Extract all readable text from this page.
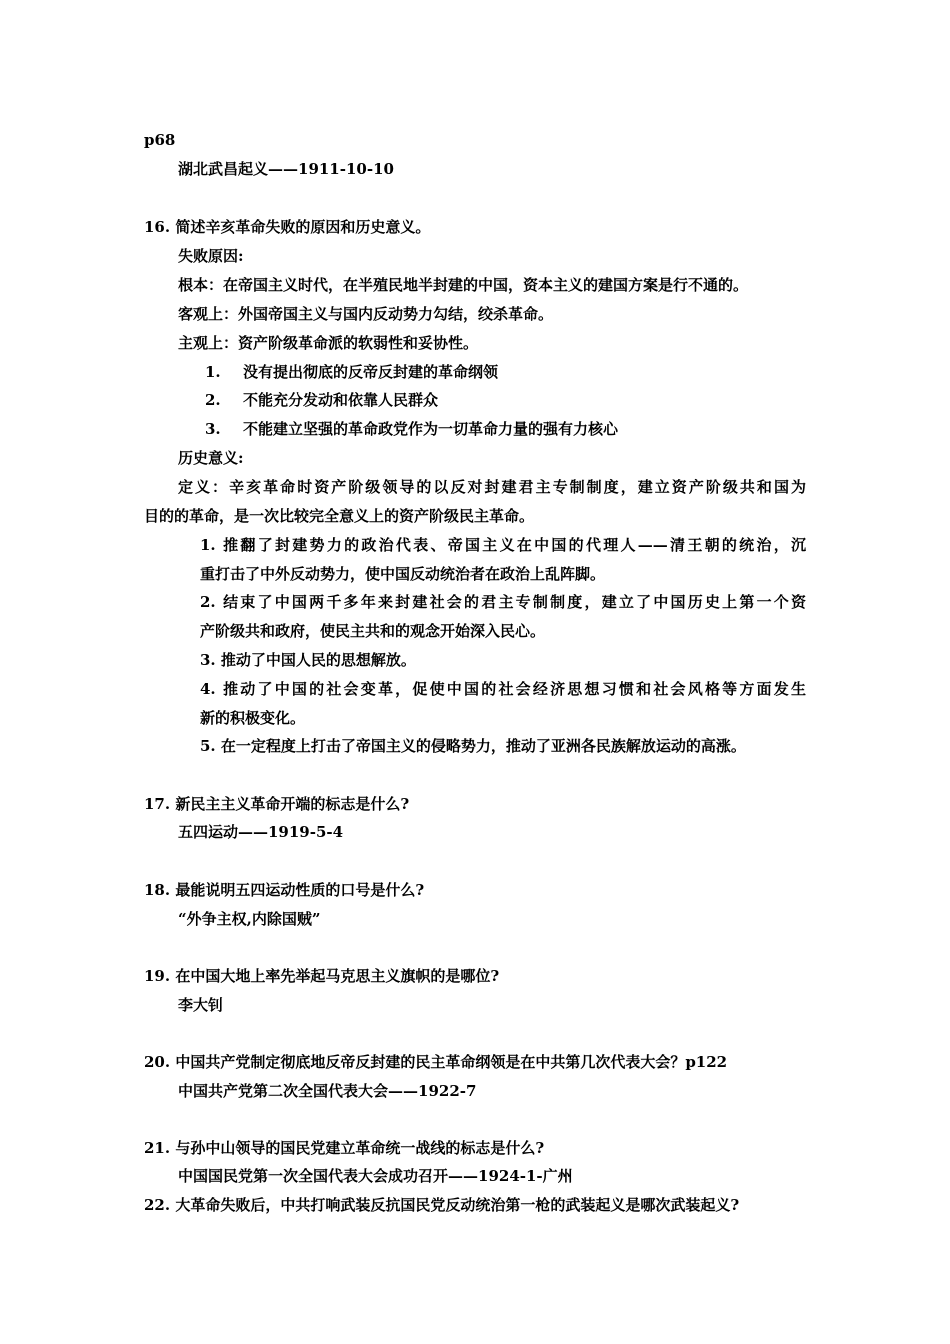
p68
湖北武昌起义——1911-10-10
16. 简述辛亥革命失败的原因和历史意义。
失败原因:
根本：在帝国主义时代，在半殖民地半封建的中国，资本主义的建国方案是行不通的。
客观上：外国帝国主义与国内反动势力勾结，绞杀革命。
主观上：资产阶级革命派的软弱性和妥协性。
1. 没有提出彻底的反帝反封建的革命纲领
2. 不能充分发动和依靠人民群众
3. 不能建立坚强的革命政党作为一切革命力量的强有力核心
历史意义:
定义：辛亥革命时资产阶级领导的以反对封建君主专制制度，建立资产阶级共和国为
目的的革命，是一次比较完全意义上的资产阶级民主革命。
1. 推翻了封建势力的政治代表、帝国主义在中国的代理人——清王朝的统治，沉
重打击了中外反动势力，使中国反动统治者在政治上乱阵脚。
2. 结束了中国两千多年来封建社会的君主专制制度，建立了中国历史上第一个资
产阶级共和政府，使民主共和的观念开始深入民心。
3. 推动了中国人民的思想解放。
4. 推动了中国的社会变革，促使中国的社会经济思想习惯和社会风格等方面发生
新的积极变化。
5. 在一定程度上打击了帝国主义的侵略势力，推动了亚洲各民族解放运动的高涨。
17. 新民主主义革命开端的标志是什么?
五四运动——1919-5-4
18. 最能说明五四运动性质的口号是什么?
“外争主权,内除国贼”
19. 在中国大地上率先举起马克思主义旗帜的是哪位?
李大钊
20. 中国共产党制定彻底地反帝反封建的民主革命纲领是在中共第几次代表大会？p122
中国共产党第二次全国代表大会——1922-7
21. 与孙中山领导的国民党建立革命统一战线的标志是什么?
中国国民党第一次全国代表大会成功召开——1924-1-广州
22. 大革命失败后，中共打响武装反抗国民党反动统治第一枪的武装起义是哪次武装起义?
